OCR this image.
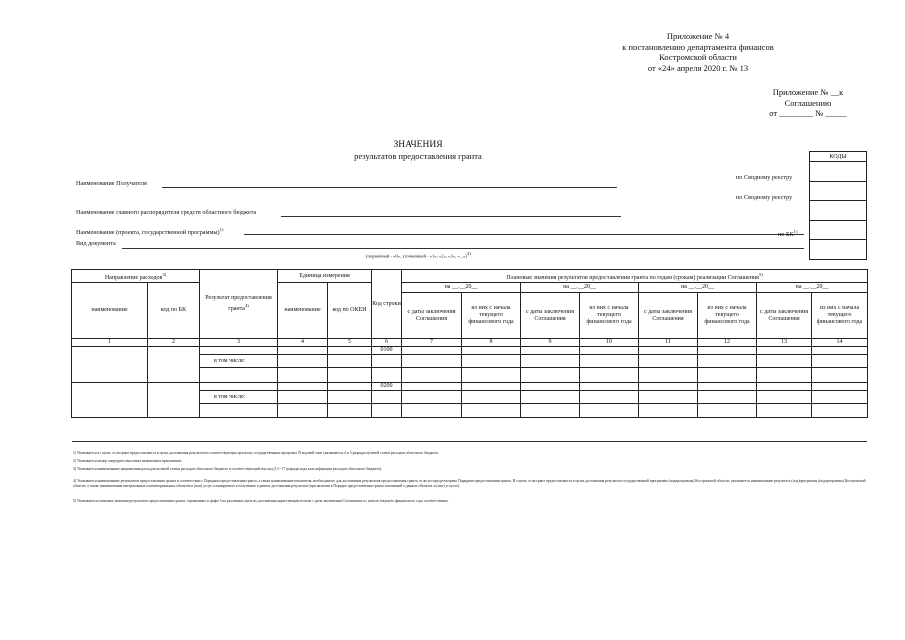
Приложение № 4
к постановлению департамента финансов
Костромской области
от «24» апреля 2020 г. № 13
Приложение № __к
Соглашению
от ________ № _____
ЗНАЧЕНИЯ
результатов предоставления гранта	КОДЫ

Наименование Получателя
по Сводному реестру
по Сводному реестру
Наименование главного распорядителя средств областного бюджета
Наименование (проекта, государственной программы)$^{1)}$
по БК$^{1)}$
Вид документа
(первичный - «0», уточненный - «1», «2», «3», «...»)$^{2)}$
Направление расходов$^{3)}$		Результат предоставления гранта$^{4)}$	Единица измерения		Код строки	Плановые значения результатов предоставления гранта по годам (срокам) реализации Соглашения$^{5)}$
наименование	код по БК		наименование	код по ОКЕИ		на __.__20__		на __.__20__		на __.__20__		на __.__20__	
						с даты заключения Соглашения	из них с начала текущего финансового года	с даты заключения Соглашения	из них с начала текущего финансового года	с даты заключения Соглашения	из них с начала текущего финансового года	с даты заключения Соглашения	из них с начала текущего финансового года
1	2	3	4	5	6	7	8	9	10	11	12	13	14
					0100								
		в том числе:											

					0200								
		в том числе:											

1) Указывается в случае, если грант предоставляется в целях достижения результатов соответствующих проектов, государственных программ. В кодовой зоне указываются 4 и 5 разряды целевой статьи расходов областного бюджета.
2) Указывается номер очередного внесения изменения в приложение.
3) Указывается наименование направления расходов целевой статьи расходов областного бюджета и соответствующий ему код (13 - 17 разряды кода классификации расходов областного бюджета).
4) Указывается наименование результатов предоставления гранта в соответствии с Порядком предоставления гранта, а также наименование показателя, необходимого для достижения результатов предоставления гранта, если это предусмотрено Порядком предоставления гранта. В случае, если грант предоставляется в целях достижения результата государственной программы (подпрограммы) Костромской области, указывается наименование результата (под)программы (подпрограммы) Костромской области, а также наименования материальных и нематериальных объектов и (или) услуг, планируемых к получению в рамках достижения результата (при наличии в Порядке предоставления гранта положений о данных объектах и (или) услугах).
5) Указываются плановые значения результатов предоставления гранта, отраженных в графе 3 на различные даты их достижения нарастающим итогом с даты заключения Соглашения и с начала текущего финансового года соответственно.
